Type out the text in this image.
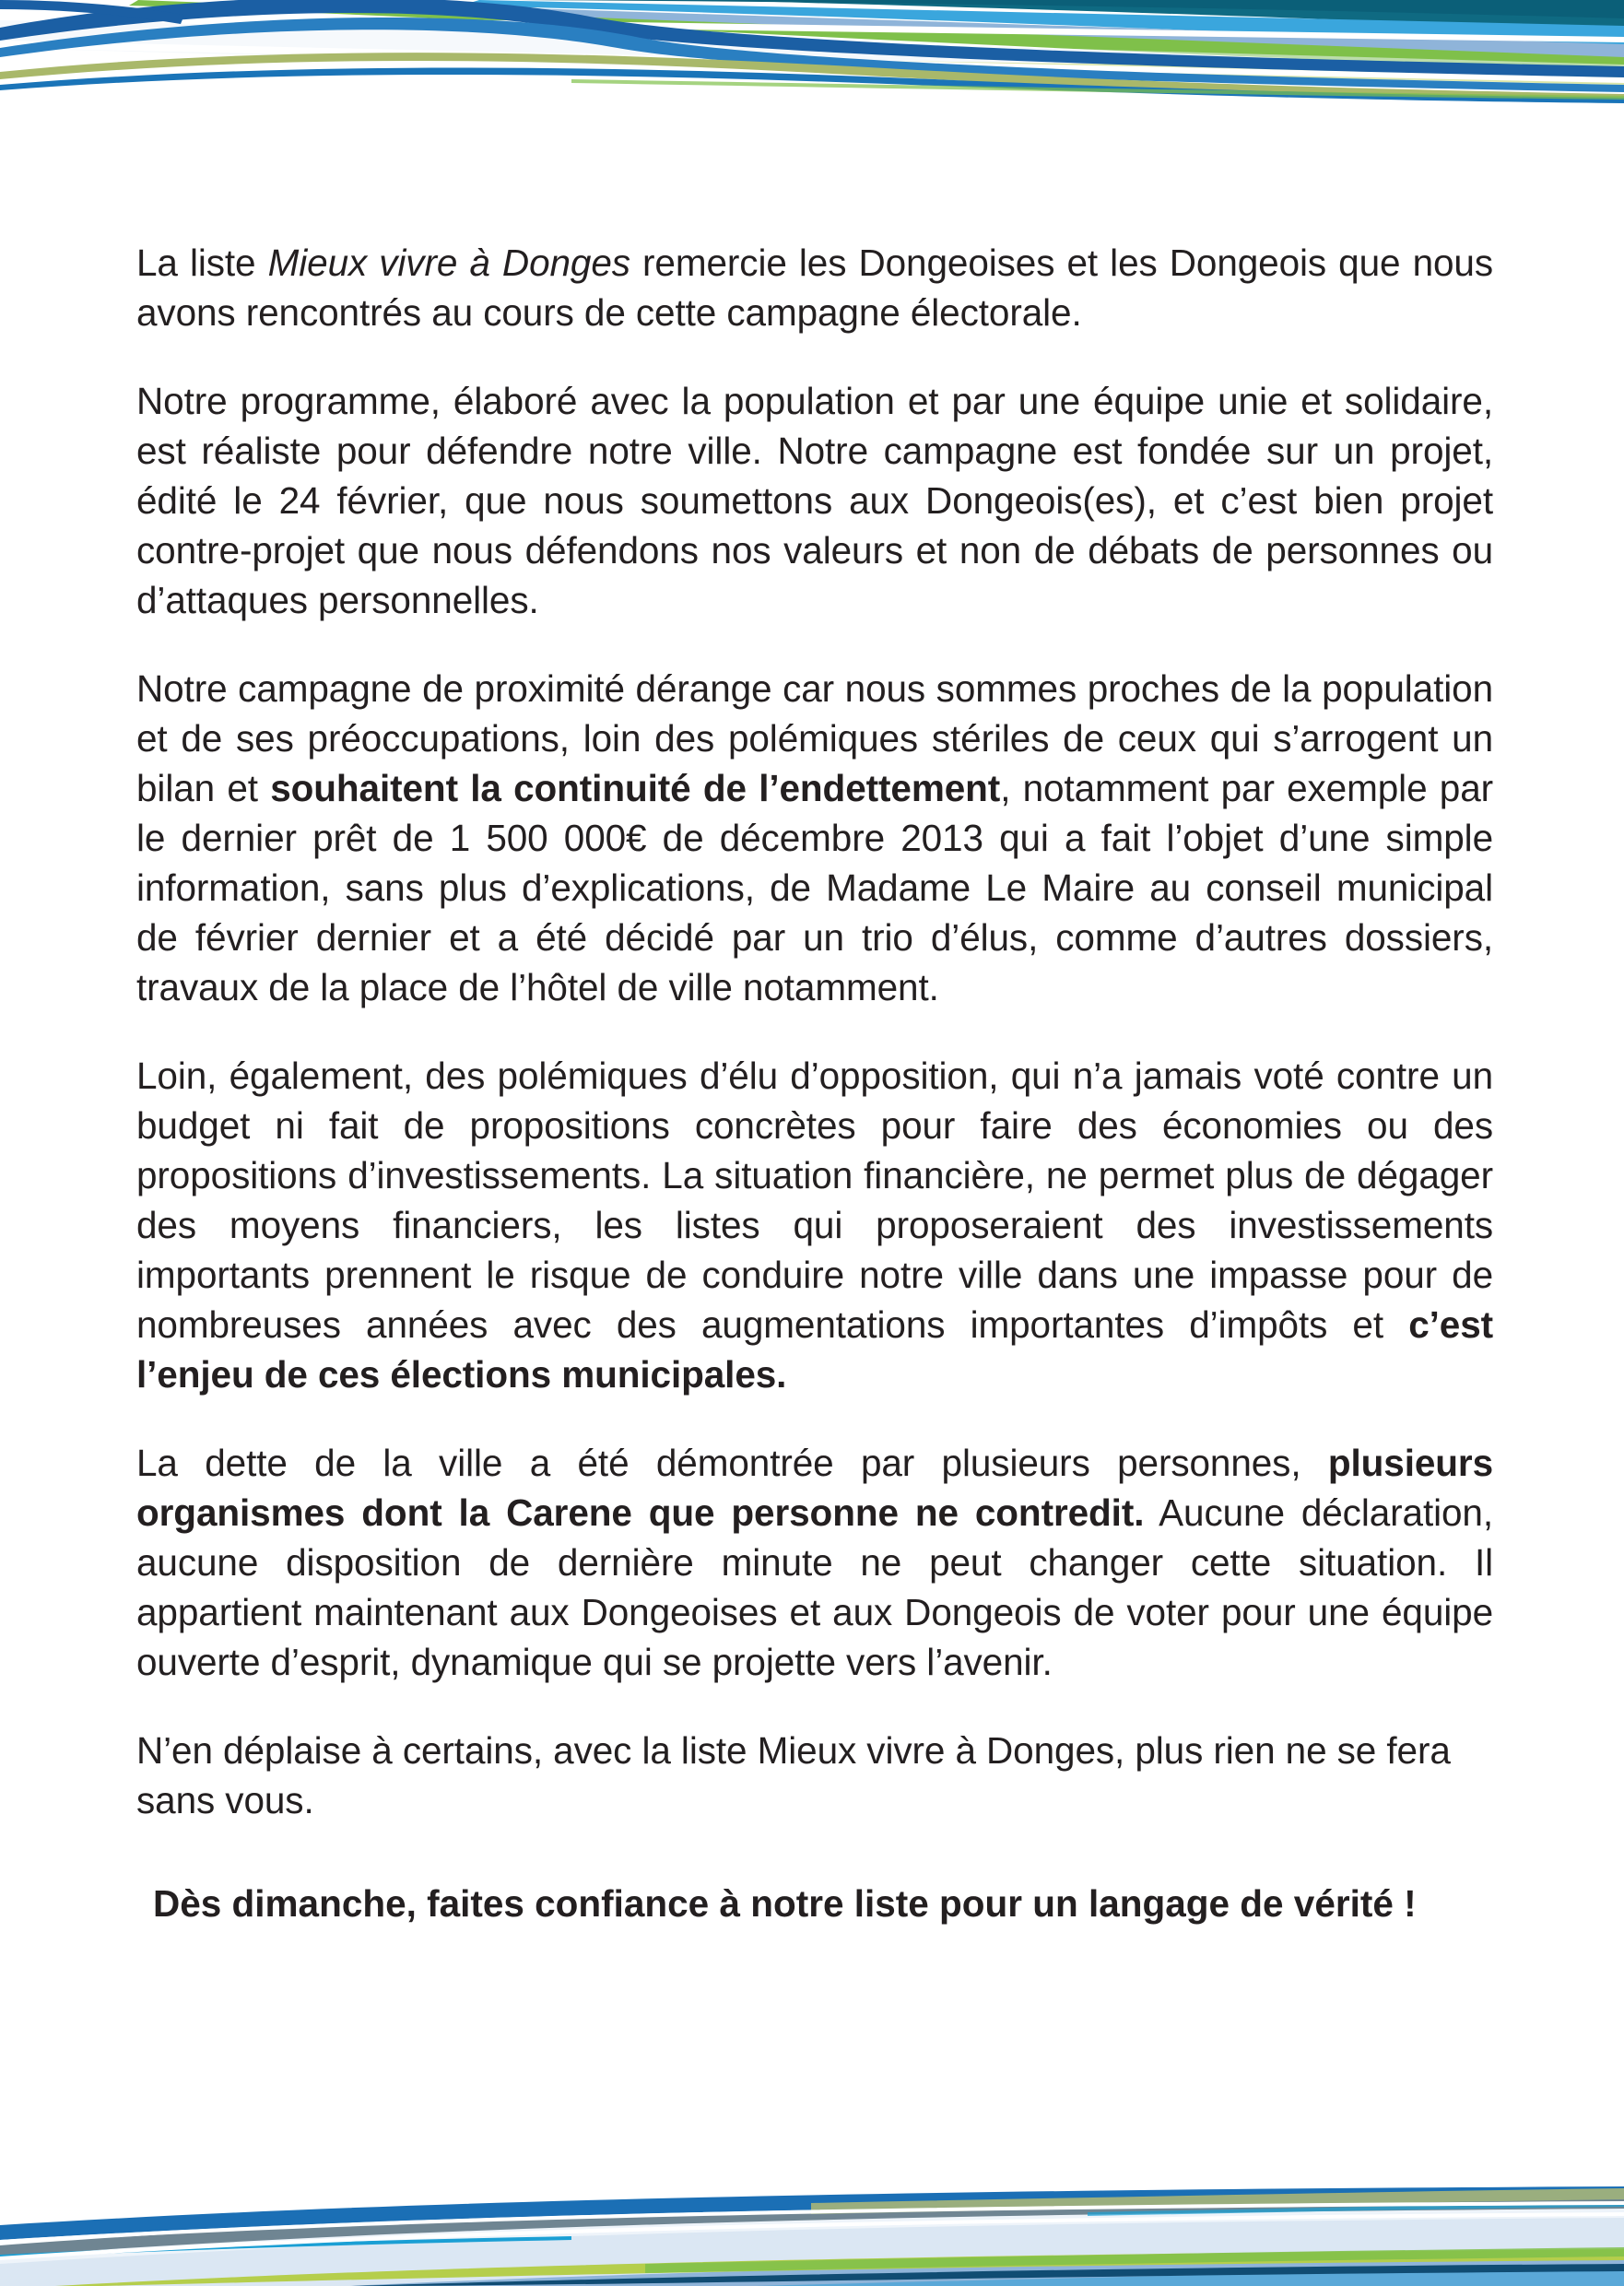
La liste Mieux vivre à Donges remercie les Dongeoises et les Dongeois que nous avons rencontrés au cours de cette campagne électorale.

Notre programme, élaboré avec la population et par une équipe unie et solidaire, est réaliste pour défendre notre ville. Notre campagne est fondée sur un projet, édité le 24 février, que nous soumettons aux Dongeois(es), et c’est bien projet contre-projet que nous défendons nos valeurs et non de débats de personnes ou d’attaques personnelles.

Notre campagne de proximité dérange car nous sommes proches de la population et de ses préoccupations, loin des polémiques stériles de ceux qui s’arrogent un bilan et souhaitent la continuité de l’endettement, notamment par exemple par le dernier prêt de 1 500 000€ de décembre 2013 qui a fait l’objet d’une simple information, sans plus d’explications, de Madame Le Maire au conseil municipal de février dernier et a été décidé par un trio d’élus, comme d’autres dossiers, travaux de la place de l’hôtel de ville notamment.

Loin, également, des polémiques d’élu d’opposition, qui n’a jamais voté contre un budget ni fait de propositions concrètes pour faire des économies ou des propositions d’investissements. La situation financière, ne permet plus de dégager des moyens financiers, les listes qui proposeraient des investissements importants prennent le risque de conduire notre ville dans une impasse pour de nombreuses années avec des augmentations importantes d’impôts et c’est l’enjeu de ces élections municipales.

La dette de la ville a été démontrée par plusieurs personnes, plusieurs organismes dont la Carene que personne ne contredit. Aucune déclaration, aucune disposition de dernière minute ne peut changer cette situation. Il appartient maintenant aux Dongeoises et aux Dongeois de voter pour une équipe ouverte d’esprit, dynamique qui se projette vers l’avenir.

N’en déplaise à certains, avec la liste Mieux vivre à Donges, plus rien ne se fera sans vous.

Dès dimanche, faites confiance à notre liste pour un langage de vérité !
